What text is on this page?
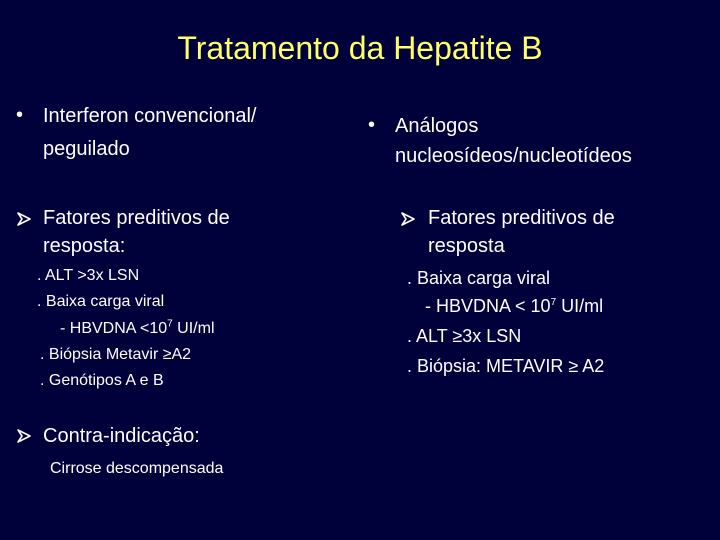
Tratamento da Hepatite B
• Interferon convencional/
peguilado
Fatores preditivos de
resposta:
. ALT >3x LSN
. Baixa carga viral
- HBVDNA $<10^7$ UI/ml
. Biópsia Metavir ≥A2
. Genótipos A e B
Contra-indicação:
Cirrose descompensada
• Análogos
nucleosídeos/nucleotídeos
Fatores preditivos de
resposta
. Baixa carga viral
- HBVDNA < $10^7$ UI/ml
. ALT ≥3x LSN
. Biópsia: METAVIR ≥ A2
